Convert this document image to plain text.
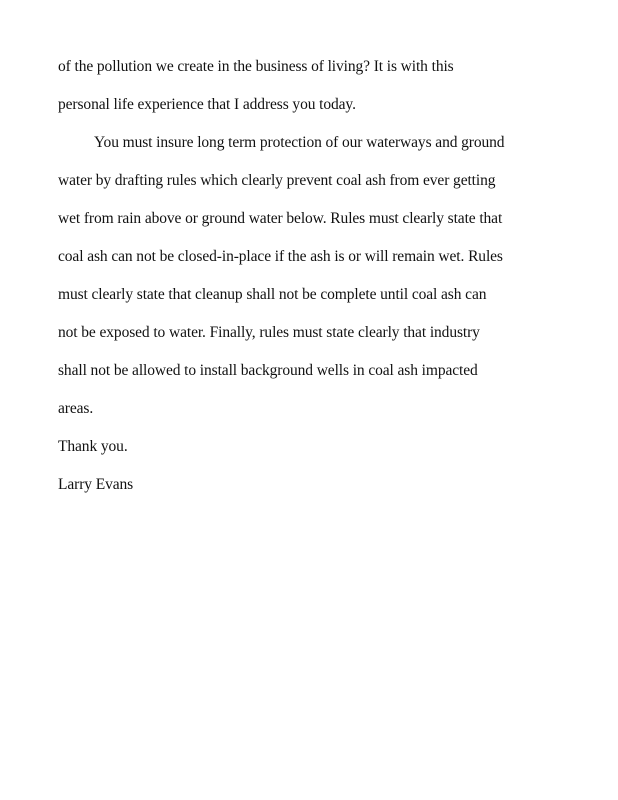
of the pollution we create in the business of living? It is with this
personal life experience that I address you today.
You must insure long term protection of our waterways and ground
water by drafting rules which clearly prevent coal ash from ever getting
wet from rain above or ground water below. Rules must clearly state that
coal ash can not be closed-in-place if the ash is or will remain wet. Rules
must clearly state that cleanup shall not be complete until coal ash can
not be exposed to water. Finally, rules must state clearly that industry
shall not be allowed to install background wells in coal ash impacted
areas.
Thank you.
Larry Evans
